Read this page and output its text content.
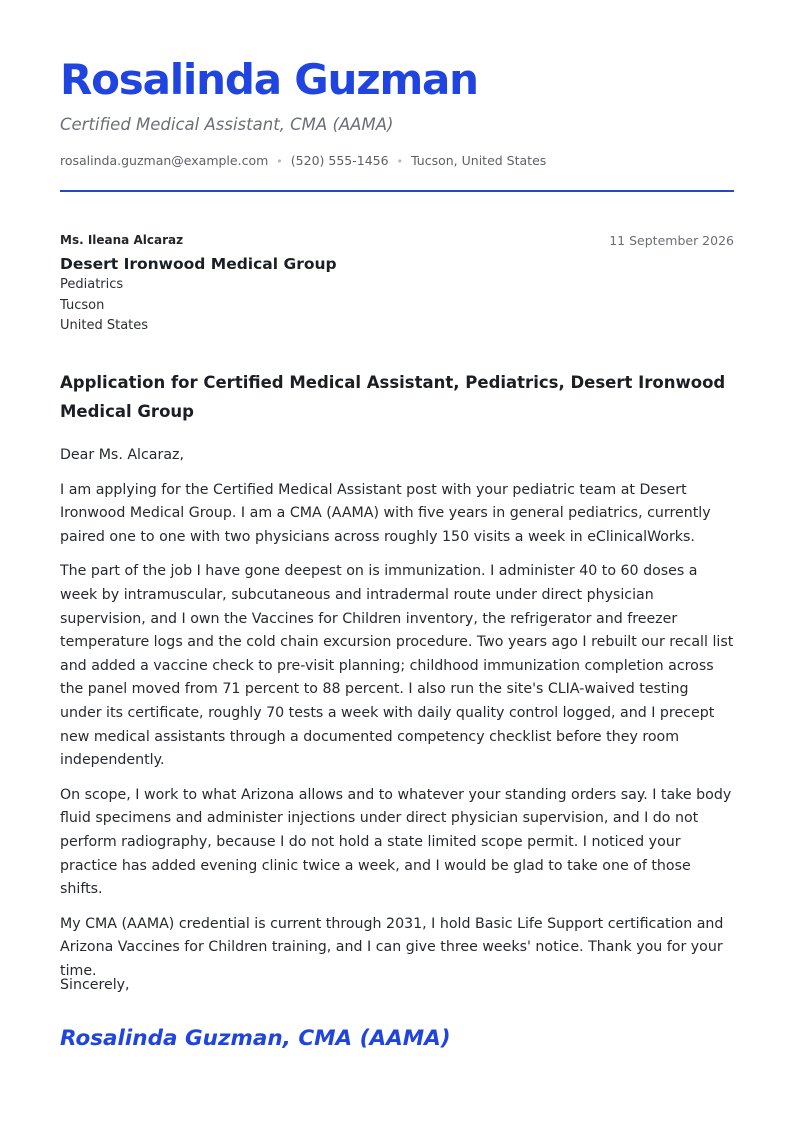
Rosalinda Guzman
Certified Medical Assistant, CMA (AAMA)
rosalinda.guzman@example.com • (520) 555-1456 • Tucson, United States
Ms. Ileana Alcaraz
Desert Ironwood Medical Group
Pediatrics
Tucson
United States
11 September 2026
Application for Certified Medical Assistant, Pediatrics, Desert Ironwood Medical Group

Dear Ms. Alcaraz,

I am applying for the Certified Medical Assistant post with your pediatric team at Desert Ironwood Medical Group. I am a CMA (AAMA) with five years in general pediatrics, currently paired one to one with two physicians across roughly 150 visits a week in eClinicalWorks.

The part of the job I have gone deepest on is immunization. I administer 40 to 60 doses a week by intramuscular, subcutaneous and intradermal route under direct physician supervision, and I own the Vaccines for Children inventory, the refrigerator and freezer temperature logs and the cold chain excursion procedure. Two years ago I rebuilt our recall list and added a vaccine check to pre-visit planning; childhood immunization completion across the panel moved from 71 percent to 88 percent. I also run the site's CLIA-waived testing under its certificate, roughly 70 tests a week with daily quality control logged, and I precept new medical assistants through a documented competency checklist before they room independently.

On scope, I work to what Arizona allows and to whatever your standing orders say. I take body fluid specimens and administer injections under direct physician supervision, and I do not perform radiography, because I do not hold a state limited scope permit. I noticed your practice has added evening clinic twice a week, and I would be glad to take one of those shifts.

My CMA (AAMA) credential is current through 2031, I hold Basic Life Support certification and Arizona Vaccines for Children training, and I can give three weeks' notice. Thank you for your time.

Sincerely,
Rosalinda Guzman, CMA (AAMA)
